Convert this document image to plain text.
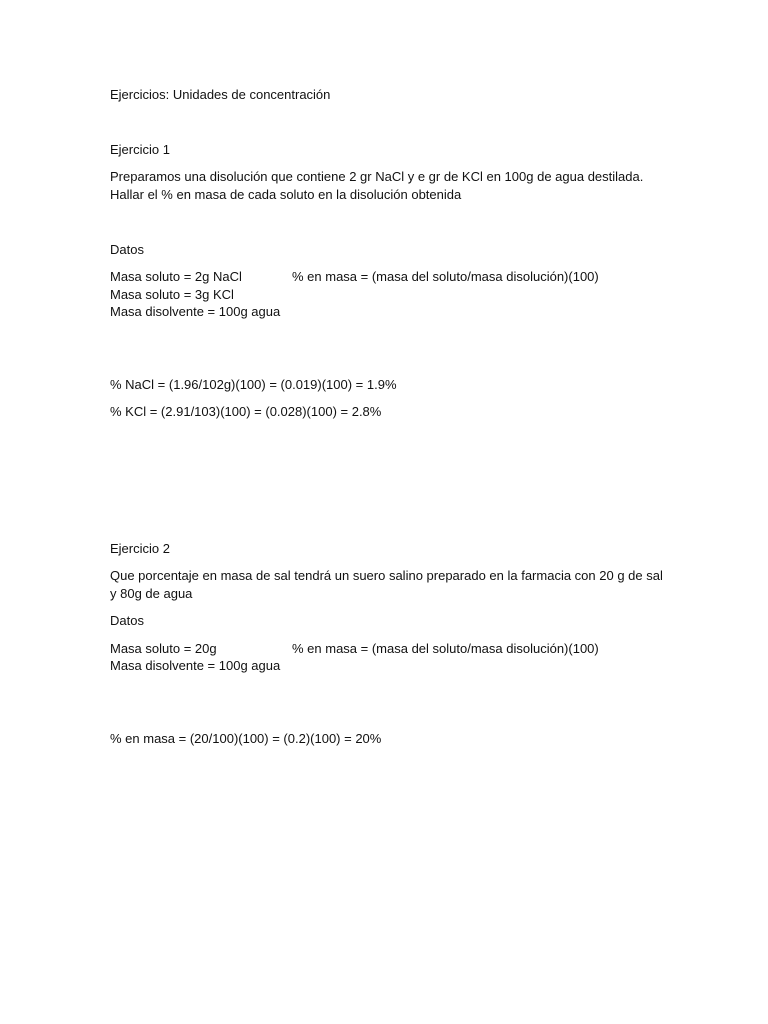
Ejercicios: Unidades de concentración

Ejercicio 1

Preparamos una disolución que contiene 2 gr NaCl y e gr de KCl en 100g de agua destilada.

Hallar el % en masa de cada soluto en la disolución obtenida

Datos

Masa soluto = 2g NaCl	% en masa = (masa del soluto/masa disolución)(100)

Masa soluto = 3g KCl

Masa disolvente = 100g agua

% NaCl = (1.96/102g)(100) = (0.019)(100) = 1.9%

% KCl = (2.91/103)(100) = (0.028)(100) = 2.8%

Ejercicio 2

Que porcentaje en masa de sal tendrá un suero salino preparado en la farmacia con 20 g de sal

y 80g de agua

Datos

Masa soluto = 20g	% en masa = (masa del soluto/masa disolución)(100)

Masa disolvente = 100g agua

% en masa = (20/100)(100) = (0.2)(100) = 20%
